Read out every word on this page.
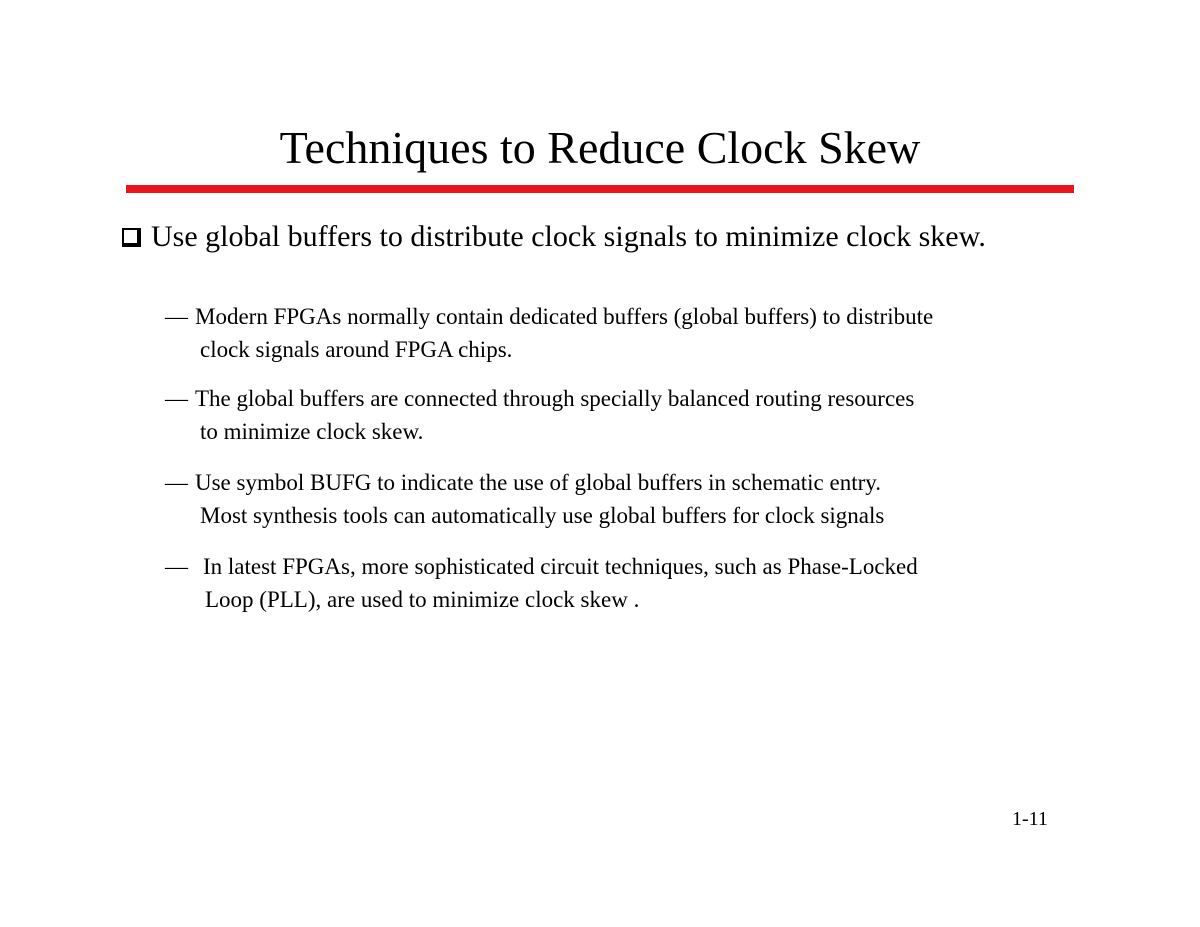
Techniques to Reduce Clock Skew
Use global buffers to distribute clock signals to minimize clock skew.
— Modern FPGAs normally contain dedicated buffers (global buffers) to distribute
clock signals around FPGA chips.
— The global buffers are connected through specially balanced routing resources
to minimize clock skew.
— Use symbol BUFG to indicate the use of global buffers in schematic entry.
Most synthesis tools can automatically use global buffers for clock signals
— In latest FPGAs, more sophisticated circuit techniques, such as Phase-Locked
Loop (PLL), are used to minimize clock skew .
1-11
